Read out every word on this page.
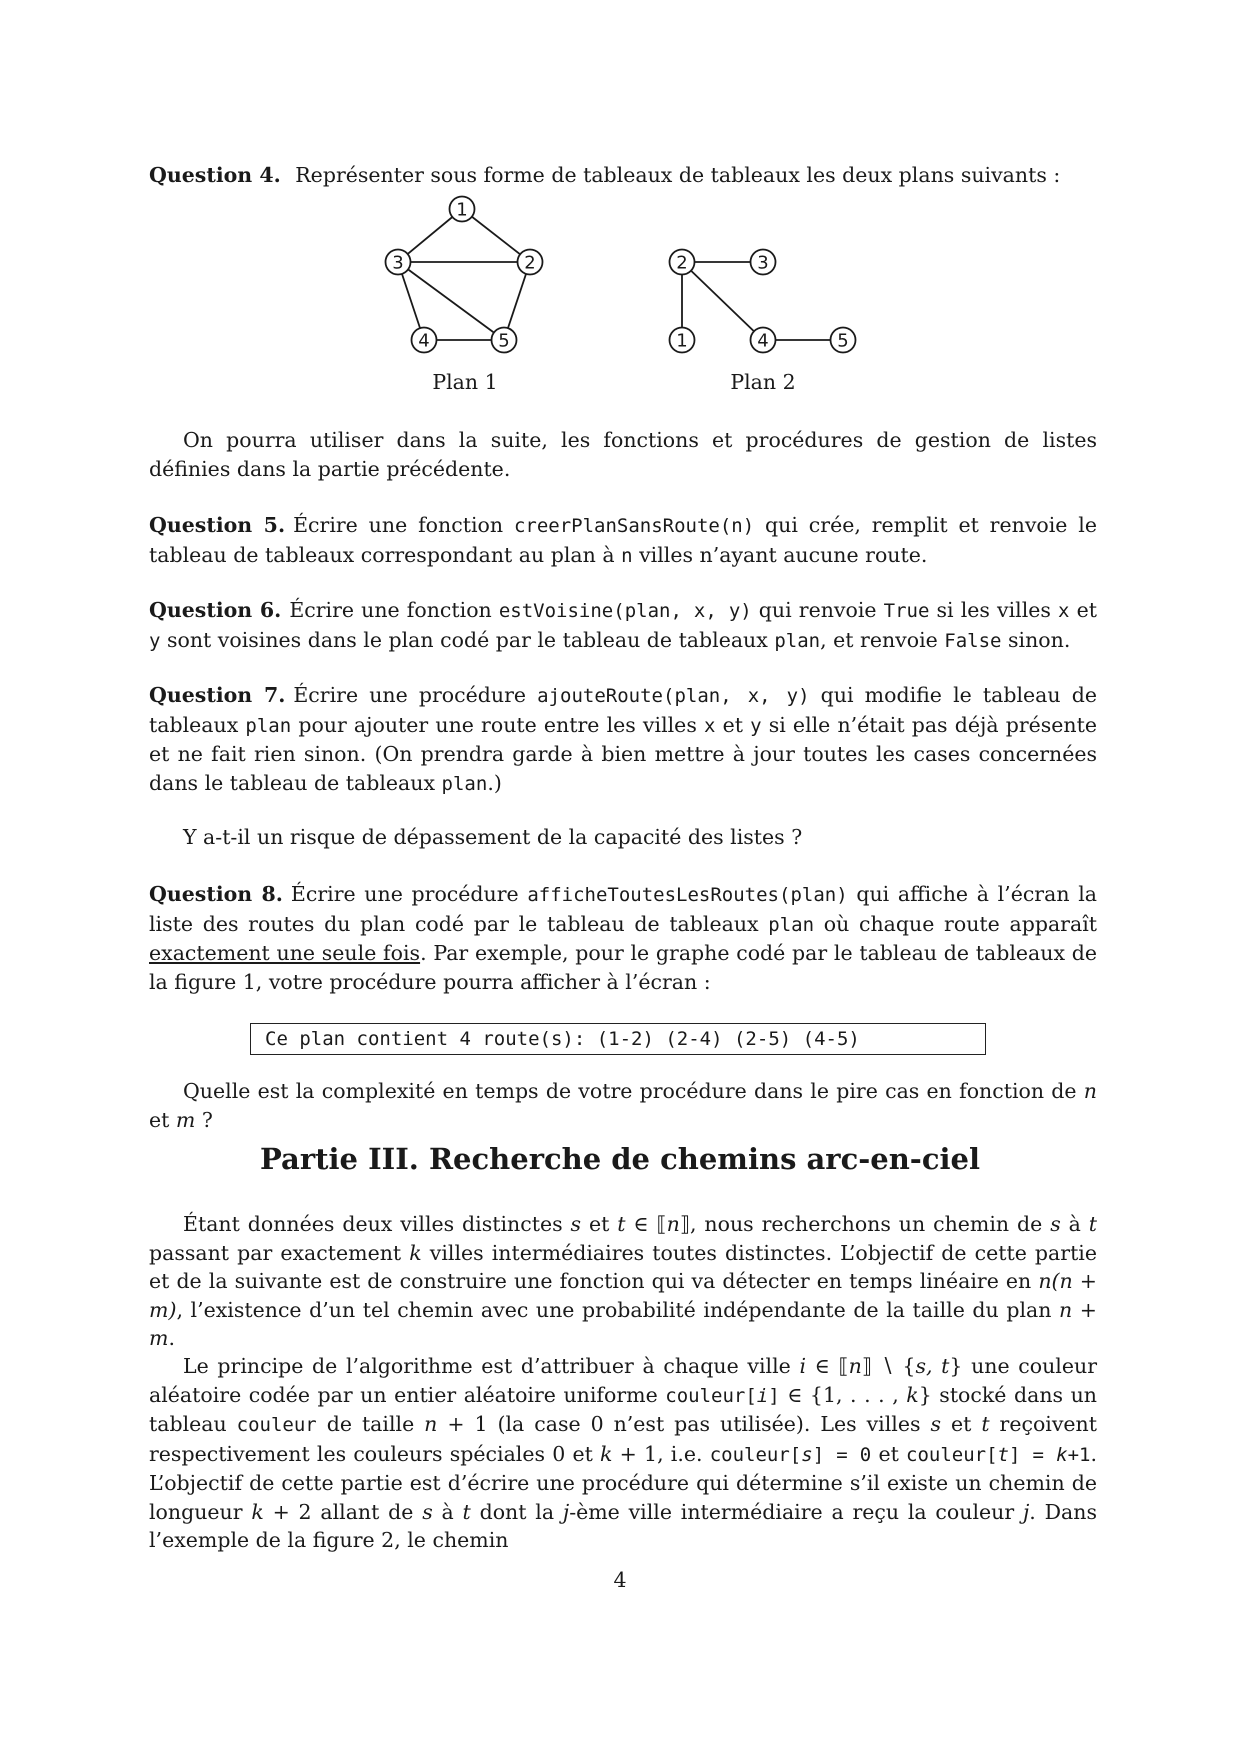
Question 4. Représenter sous forme de tableaux de tableaux les deux plans suivants :
1
2
3
4	5	1
2	3
4	5
Plan 1	Plan 2
On pourra utiliser dans la suite, les fonctions et procédures de gestion de listes définies dans la partie précédente.
Question 5. Écrire une fonction creerPlanSansRoute(n) qui crée, remplit et renvoie le tableau de tableaux correspondant au plan à n villes n’ayant aucune route.
Question 6. Écrire une fonction estVoisine(plan, x, y) qui renvoie True si les villes x et y sont voisines dans le plan codé par le tableau de tableaux plan, et renvoie False sinon.
Question 7. Écrire une procédure ajouteRoute(plan, x, y) qui modifie le tableau de tableaux plan pour ajouter une route entre les villes x et y si elle n’était pas déjà présente et ne fait rien sinon. (On prendra garde à bien mettre à jour toutes les cases concernées dans le tableau de tableaux plan.)
Y a-t-il un risque de dépassement de la capacité des listes ?
Question 8. Écrire une procédure afficheToutesLesRoutes(plan) qui affiche à l’écran la liste des routes du plan codé par le tableau de tableaux plan où chaque route apparaît exactement une seule fois. Par exemple, pour le graphe codé par le tableau de tableaux de la figure 1, votre procédure pourra afficher à l’écran :
Ce plan contient 4 route(s): (1-2) (2-4) (2-5) (4-5)
Quelle est la complexité en temps de votre procédure dans le pire cas en fonction de n et m ?
Partie III. Recherche de chemins arc-en-ciel
Étant données deux villes distinctes s et t ∈ ⟦n⟧, nous recherchons un chemin de s à t passant par exactement k villes intermédiaires toutes distinctes. L’objectif de cette partie et de la suivante est de construire une fonction qui va détecter en temps linéaire en n(n + m), l’existence d’un tel chemin avec une probabilité indépendante de la taille du plan n + m.
Le principe de l’algorithme est d’attribuer à chaque ville i ∈ ⟦n⟧ ∖ {s, t} une couleur aléatoire codée par un entier aléatoire uniforme couleur[i] ∈ {1, . . . , k} stocké dans un tableau couleur de taille n + 1 (la case 0 n’est pas utilisée). Les villes s et t reçoivent respectivement les couleurs spéciales 0 et k + 1, i.e. couleur[s] = 0 et couleur[t] = k+1. L’objectif de cette partie est d’écrire une procédure qui détermine s’il existe un chemin de longueur k + 2 allant de s à t dont la j-ème ville intermédiaire a reçu la couleur j. Dans l’exemple de la figure 2, le chemin
4
